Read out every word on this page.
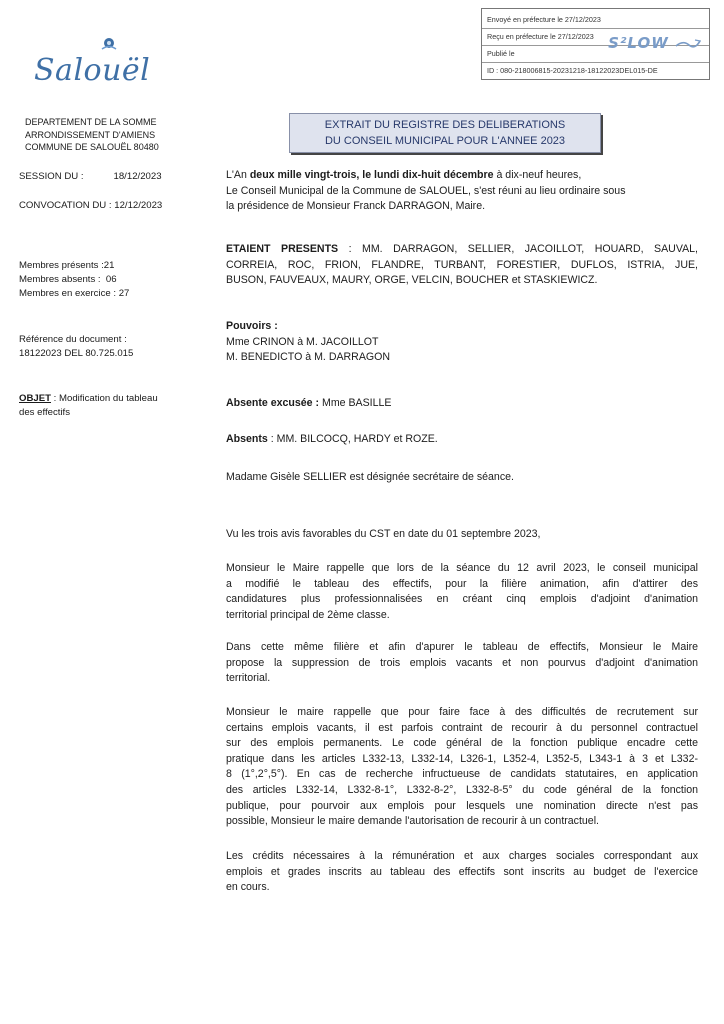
Envoyé en préfecture le 27/12/2023
Reçu en préfecture le 27/12/2023
Publié le
ID : 080-218006815-20231218-18122023DEL015-DE
S²LOW
Salouël
DEPARTEMENT DE LA SOMME
ARRONDISSEMENT D'AMIENS
COMMUNE DE SALOUËL 80480
EXTRAIT DU REGISTRE DES DELIBERATIONS
DU CONSEIL MUNICIPAL POUR L'ANNEE 2023
SESSION DU :	18/12/2023
CONVOCATION DU : 12/12/2023
Membres présents :21
Membres absents :  06
Membres en exercice : 27
Référence du document :
18122023 DEL 80.725.015
OBJET : Modification du tableau
des effectifs
L'An deux mille vingt-trois, le lundi dix-huit décembre à dix-neuf heures,
Le Conseil Municipal de la Commune de SALOUEL, s'est réuni au lieu ordinaire sous
la présidence de Monsieur Franck DARRAGON, Maire.
ETAIENT PRESENTS : MM. DARRAGON, SELLIER, JACOILLOT, HOUARD, SAUVAL,
CORREIA, ROC, FRION, FLANDRE, TURBANT, FORESTIER, DUFLOS, ISTRIA, JUE,
BUSON, FAUVEAUX, MAURY, ORGE, VELCIN, BOUCHER et STASKIEWICZ.
Pouvoirs :
Mme CRINON à M. JACOILLOT
M. BENEDICTO à M. DARRAGON
Absente excusée : Mme BASILLE
Absents : MM. BILCOCQ, HARDY et ROZE.
Madame Gisèle SELLIER est désignée secrétaire de séance.
Vu les trois avis favorables du CST en date du 01 septembre 2023,
Monsieur le Maire rappelle que lors de la séance du 12 avril 2023, le conseil municipal
a modifié le tableau des effectifs, pour la filière animation, afin d'attirer des
candidatures plus professionnalisées en créant cinq emplois d'adjoint d'animation
territorial principal de 2ème classe.
Dans cette même filière et afin d'apurer le tableau de effectifs, Monsieur le Maire
propose la suppression de trois emplois vacants et non pourvus d'adjoint d'animation
territorial.
Monsieur le maire rappelle que pour faire face à des difficultés de recrutement sur
certains emplois vacants, il est parfois contraint de recourir à du personnel contractuel
sur des emplois permanents. Le code général de la fonction publique encadre cette
pratique dans les articles L332-13, L332-14, L326-1, L352-4, L352-5, L343-1 à 3 et L332-
8 (1°,2°,5°). En cas de recherche infructueuse de candidats statutaires, en application
des articles L332-14, L332-8-1°, L332-8-2°, L332-8-5° du code général de la fonction
publique, pour pourvoir aux emplois pour lesquels une nomination directe n'est pas
possible, Monsieur le maire demande l'autorisation de recourir à un contractuel.
Les crédits nécessaires à la rémunération et aux charges sociales correspondant aux
emplois et grades inscrits au tableau des effectifs sont inscrits au budget de l'exercice
en cours.
